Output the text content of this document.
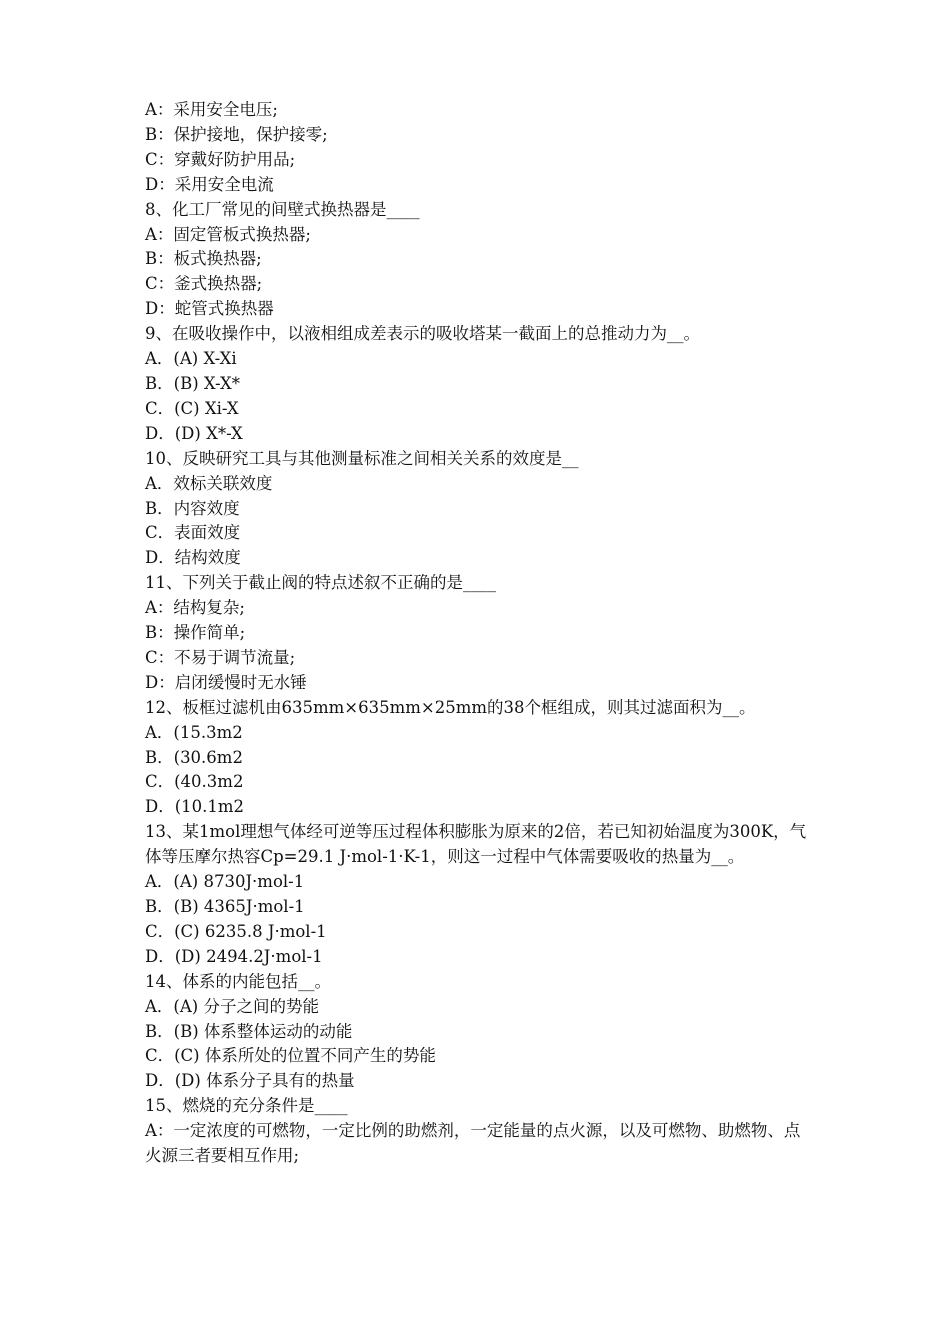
A：采用安全电压;
B：保护接地，保护接零;
C：穿戴好防护用品;
D：采用安全电流
8、化工厂常见的间壁式换热器是____
A：固定管板式换热器;
B：板式换热器;
C：釜式换热器;
D：蛇管式换热器
9、在吸收操作中，以液相组成差表示的吸收塔某一截面上的总推动力为__。
A．(A) X-Xi
B．(B) X-X*
C．(C) Xi-X
D．(D) X*-X
10、反映研究工具与其他测量标准之间相关关系的效度是__
A．效标关联效度
B．内容效度
C．表面效度
D．结构效度
11、下列关于截止阀的特点述叙不正确的是____
A：结构复杂;
B：操作简单;
C：不易于调节流量;
D：启闭缓慢时无水锤
12、板框过滤机由635mm×635mm×25mm的38个框组成，则其过滤面积为__。
A．(15.3m2
B．(30.6m2
C．(40.3m2
D．(10.1m2
13、某1mol理想气体经可逆等压过程体积膨胀为原来的2倍，若已知初始温度为300K，气体等压摩尔热容Cp=29.1 J·mol-1·K-1，则这一过程中气体需要吸收的热量为__。
A．(A) 8730J·mol-1
B．(B) 4365J·mol-1
C．(C) 6235.8 J·mol-1
D．(D) 2494.2J·mol-1
14、体系的内能包括__。
A．(A) 分子之间的势能
B．(B) 体系整体运动的动能
C．(C) 体系所处的位置不同产生的势能
D．(D) 体系分子具有的热量
15、燃烧的充分条件是____
A：一定浓度的可燃物，一定比例的助燃剂，一定能量的点火源，以及可燃物、助燃物、点火源三者要相互作用;
